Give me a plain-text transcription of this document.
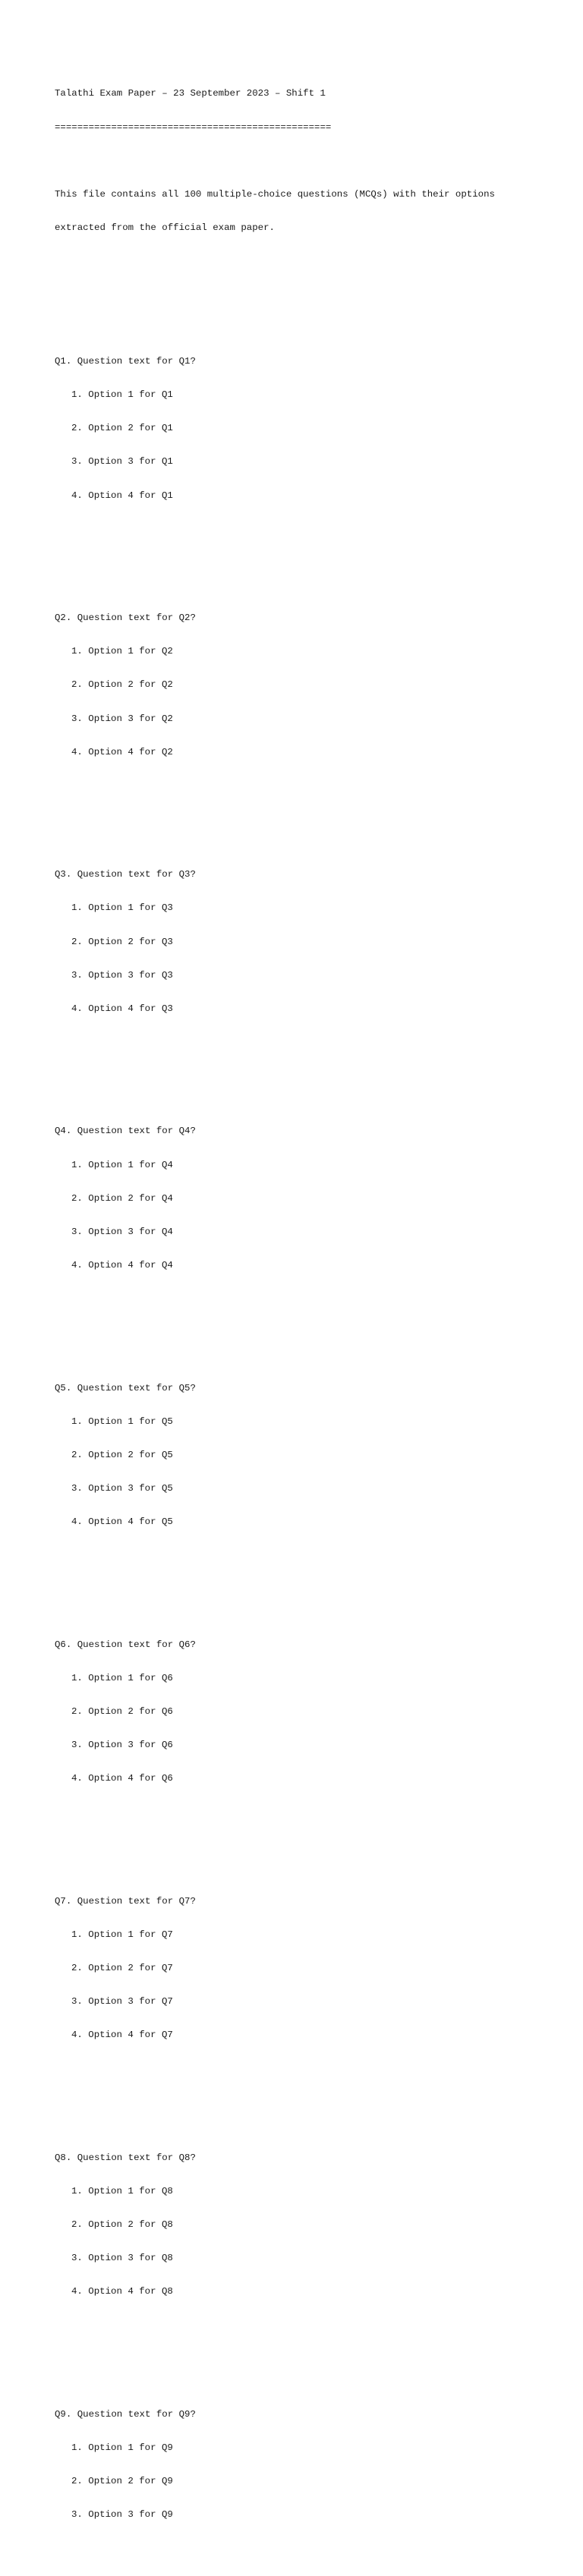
Talathi Exam Paper – 23 September 2023 – Shift 1

=================================================

This file contains all 100 multiple-choice questions (MCQs) with their options

extracted from the official exam paper.

Q1. Question text for Q1?

1. Option 1 for Q1

2. Option 2 for Q1

3. Option 3 for Q1

4. Option 4 for Q1

Q2. Question text for Q2?

1. Option 1 for Q2

2. Option 2 for Q2

3. Option 3 for Q2

4. Option 4 for Q2

Q3. Question text for Q3?

1. Option 1 for Q3

2. Option 2 for Q3

3. Option 3 for Q3

4. Option 4 for Q3

Q4. Question text for Q4?

1. Option 1 for Q4

2. Option 2 for Q4

3. Option 3 for Q4

4. Option 4 for Q4

Q5. Question text for Q5?

1. Option 1 for Q5

2. Option 2 for Q5

3. Option 3 for Q5

4. Option 4 for Q5

Q6. Question text for Q6?

1. Option 1 for Q6

2. Option 2 for Q6

3. Option 3 for Q6

4. Option 4 for Q6

Q7. Question text for Q7?

1. Option 1 for Q7

2. Option 2 for Q7

3. Option 3 for Q7

4. Option 4 for Q7

Q8. Question text for Q8?

1. Option 1 for Q8

2. Option 2 for Q8

3. Option 3 for Q8

4. Option 4 for Q8

Q9. Question text for Q9?

1. Option 1 for Q9

2. Option 2 for Q9

3. Option 3 for Q9
